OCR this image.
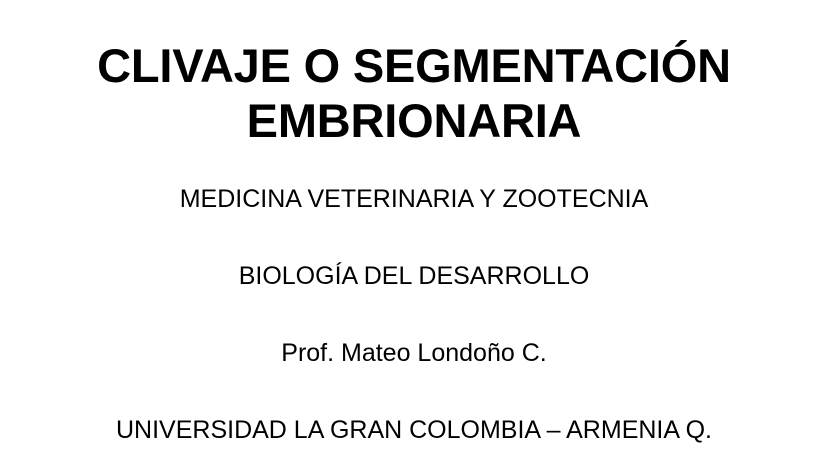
CLIVAJE O SEGMENTACIÓN EMBRIONARIA
MEDICINA VETERINARIA Y ZOOTECNIA
BIOLOGÍA DEL DESARROLLO
Prof. Mateo Londoño C.
UNIVERSIDAD LA GRAN COLOMBIA – ARMENIA Q.
